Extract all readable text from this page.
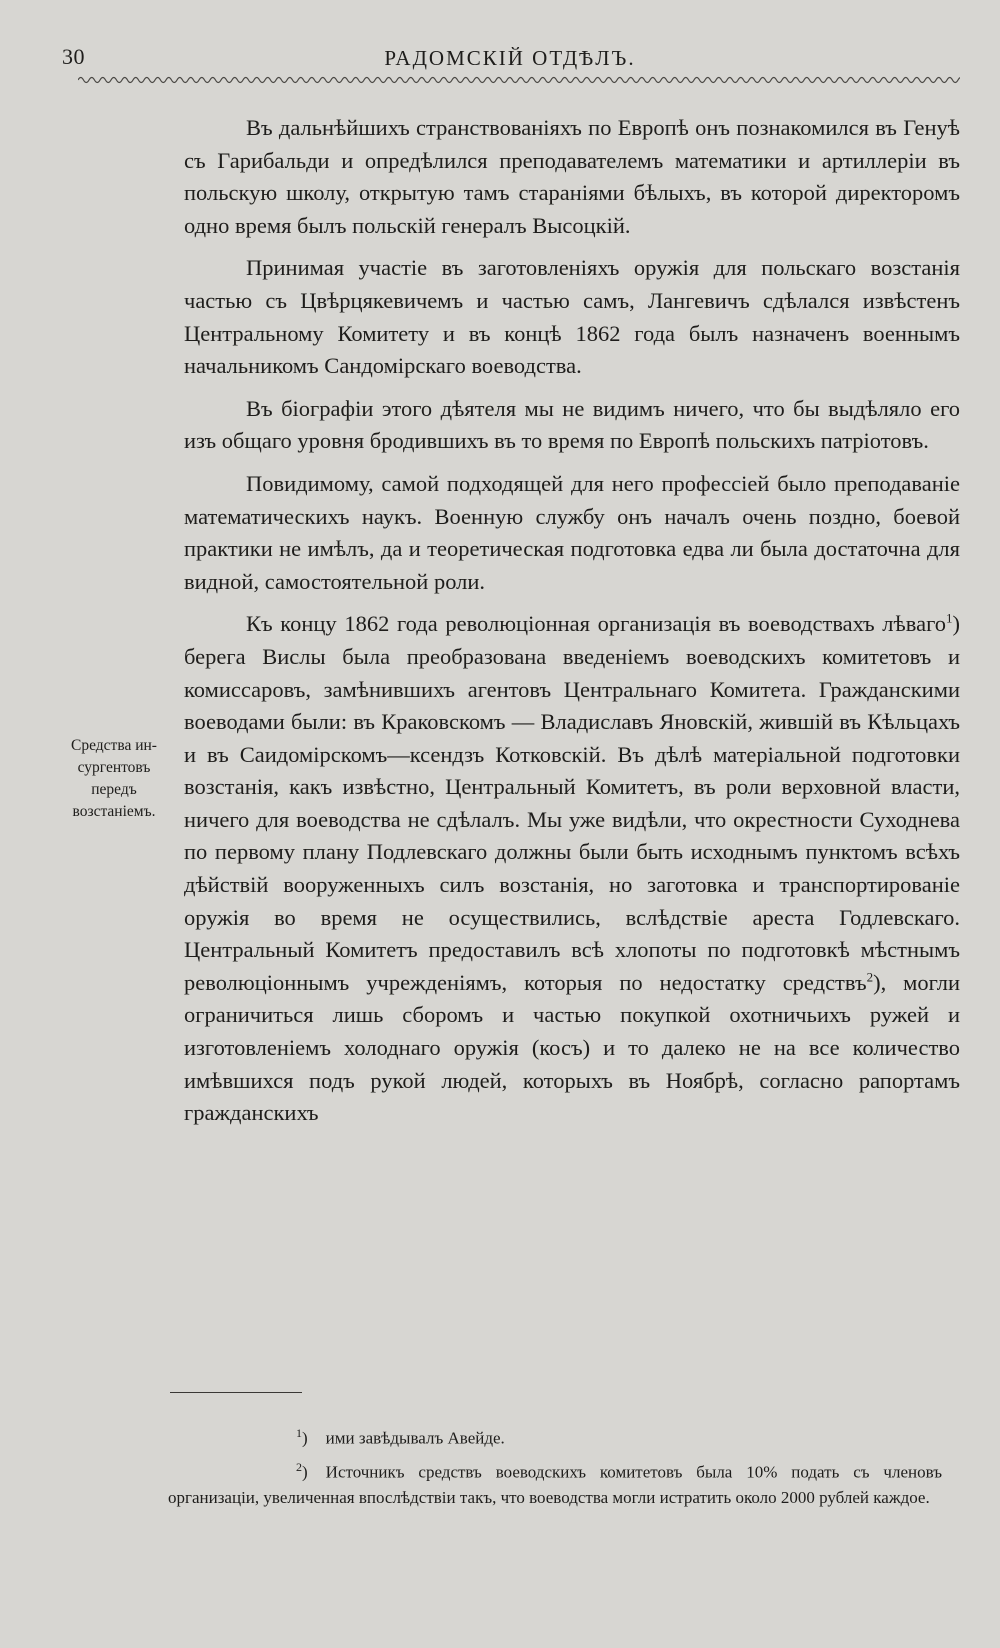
30	РАДОМСКІЙ ОТДѢЛЪ.
Средства ин-
сургентовъ
передъ
возстаніемъ.

Въ дальнѣйшихъ странствованіяхъ по Европѣ онъ познакомился въ Генуѣ съ Гарибальди и опредѣлился преподавателемъ математики и артиллеріи въ польскую школу, открытую тамъ стараніями бѣлыхъ, въ которой директоромъ одно время былъ польскій генералъ Высоцкій.

Принимая участіе въ заготовленіяхъ оружія для польскаго возстанія частью съ Цвѣрцякевичемъ и частью самъ, Лангевичъ сдѣлался извѣстенъ Центральному Комитету и въ концѣ 1862 года былъ назначенъ военнымъ начальникомъ Сандомірскаго воеводства.

Въ біографіи этого дѣятеля мы не видимъ ничего, что бы выдѣляло его изъ общаго уровня бродившихъ въ то время по Европѣ польскихъ патріотовъ.

Повидимому, самой подходящей для него профессіей было преподаваніе математическихъ наукъ. Военную службу онъ началъ очень поздно, боевой практики не имѣлъ, да и теоретическая подготовка едва ли была достаточна для видной, самостоятельной роли.

Къ концу 1862 года революціонная организація въ воеводствахъ лѣваго$^1$) берега Вислы была преобразована введеніемъ воеводскихъ комитетовъ и комиссаровъ, замѣнившихъ агентовъ Центральнаго Комитета. Гражданскими воеводами были: въ Краковскомъ — Владиславъ Яновскій, жившій въ Кѣльцахъ и въ Саидомірскомъ—ксендзъ Котковскій. Въ дѣлѣ матеріальной подготовки возстанія, какъ извѣстно, Центральный Комитетъ, въ роли верховной власти, ничего для воеводства не сдѣлалъ. Мы уже видѣли, что окрестности Суходнева по первому плану Подлевскаго должны были быть исходнымъ пунктомъ всѣхъ дѣйствій вооруженныхъ силъ возстанія, но заготовка и транспортированіе оружія во время не осуществились, вслѣдствіе ареста Годлевскаго. Центральный Комитетъ предоставилъ всѣ хлопоты по подготовкѣ мѣстнымъ революціоннымъ учрежденіямъ, которыя по недостатку средствъ$^2$), могли ограничиться лишь сборомъ и частью покупкой охотничьихъ ружей и изготовленіемъ холоднаго оружія (косъ) и то далеко не на все количество имѣвшихся подъ рукой людей, которыхъ въ Ноябрѣ, согласно рапортамъ гражданскихъ

$^1$) ими завѣдывалъ Авейде.

$^2$) Источникъ средствъ воеводскихъ комитетовъ была 10% подать съ членовъ организаціи, увеличенная впослѣдствіи такъ, что воеводства могли истратить около 2000 рублей каждое.
